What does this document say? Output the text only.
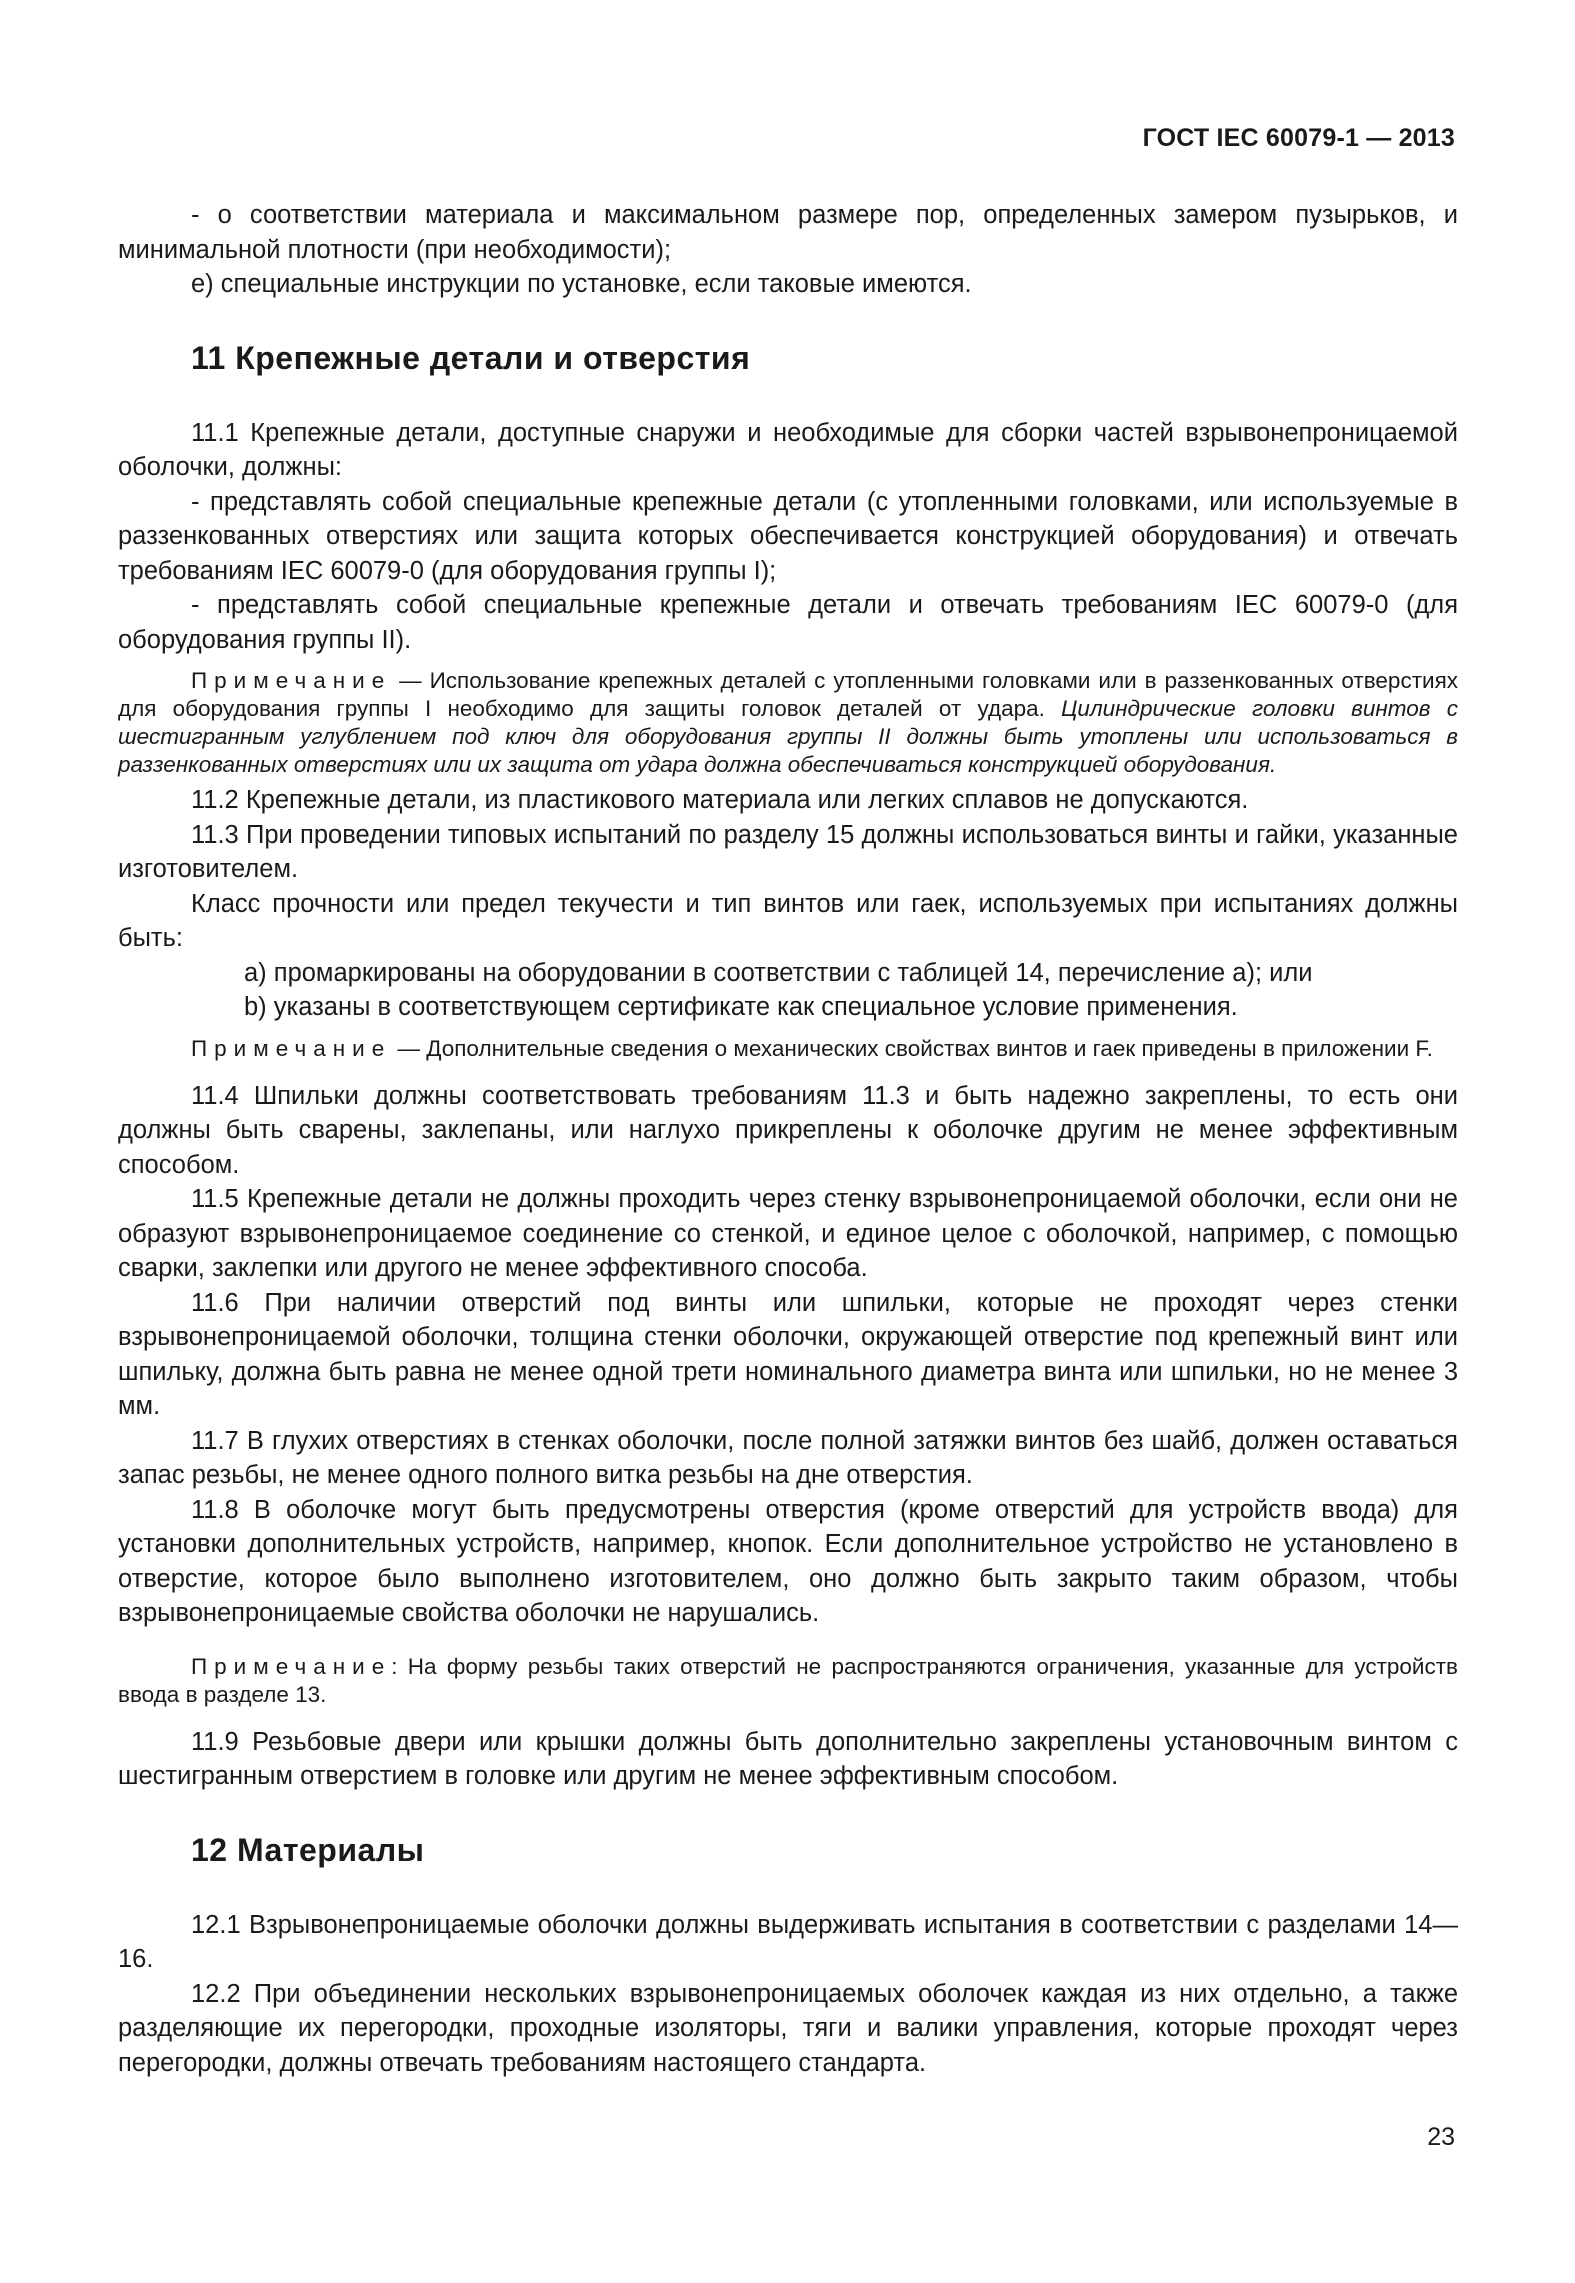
ГОСТ IEC 60079-1 — 2013

- о соответствии материала и максимальном размере пор, определенных замером пузырьков, и минимальной плотности (при необходимости);

e) специальные инструкции по установке, если таковые имеются.

11 Крепежные детали и отверстия

11.1 Крепежные детали, доступные снаружи и необходимые для сборки частей взрывонепроницаемой оболочки, должны:

- представлять собой специальные крепежные детали (с утопленными головками, или используемые в раззенкованных отверстиях или защита которых обеспечивается конструкцией оборудования) и отвечать требованиям IEC 60079-0 (для оборудования группы I);

- представлять собой специальные крепежные детали и отвечать требованиям IEC 60079-0 (для оборудования группы II).

Примечание — Использование крепежных деталей с утопленными головками или в раззенкованных отверстиях для оборудования группы I необходимо для защиты головок деталей от удара. Цилиндрические головки винтов с шестигранным углублением под ключ для оборудования группы II должны быть утоплены или использоваться в раззенкованных отверстиях или их защита от удара должна обеспечиваться конструкцией оборудования.

11.2 Крепежные детали, из пластикового материала или легких сплавов не допускаются.

11.3 При проведении типовых испытаний по разделу 15 должны использоваться винты и гайки, указанные изготовителем.

Класс прочности или предел текучести и тип винтов или гаек, используемых при испытаниях должны быть:

а) промаркированы на оборудовании в соответствии с таблицей 14, перечисление а); или

b) указаны в соответствующем сертификате как специальное условие применения.

Примечание — Дополнительные сведения о механических свойствах винтов и гаек приведены в приложении F.

11.4 Шпильки должны соответствовать требованиям 11.3 и быть надежно закреплены, то есть они должны быть сварены, заклепаны, или наглухо прикреплены к оболочке другим не менее эффективным способом.

11.5 Крепежные детали не должны проходить через стенку взрывонепроницаемой оболочки, если они не образуют взрывонепроницаемое соединение со стенкой, и единое целое с оболочкой, например, с помощью сварки, заклепки или другого не менее эффективного способа.

11.6 При наличии отверстий под винты или шпильки, которые не проходят через стенки взрывонепроницаемой оболочки, толщина стенки оболочки, окружающей отверстие под крепежный винт или шпильку, должна быть равна не менее одной трети номинального диаметра винта или шпильки, но не менее 3 мм.

11.7 В глухих отверстиях в стенках оболочки, после полной затяжки винтов без шайб, должен оставаться запас резьбы, не менее одного полного витка резьбы на дне отверстия.

11.8 В оболочке могут быть предусмотрены отверстия (кроме отверстий для устройств ввода) для установки дополнительных устройств, например, кнопок. Если дополнительное устройство не установлено в отверстие, которое было выполнено изготовителем, оно должно быть закрыто таким образом, чтобы взрывонепроницаемые свойства оболочки не нарушались.

Примечание: На форму резьбы таких отверстий не распространяются ограничения, указанные для устройств ввода в разделе 13.

11.9 Резьбовые двери или крышки должны быть дополнительно закреплены установочным винтом с шестигранным отверстием в головке или другим не менее эффективным способом.

12 Материалы

12.1 Взрывонепроницаемые оболочки должны выдерживать испытания в соответствии с разделами 14—16.

12.2 При объединении нескольких взрывонепроницаемых оболочек каждая из них отдельно, а также разделяющие их перегородки, проходные изоляторы, тяги и валики управления, которые проходят через перегородки, должны отвечать требованиям настоящего стандарта.

23
